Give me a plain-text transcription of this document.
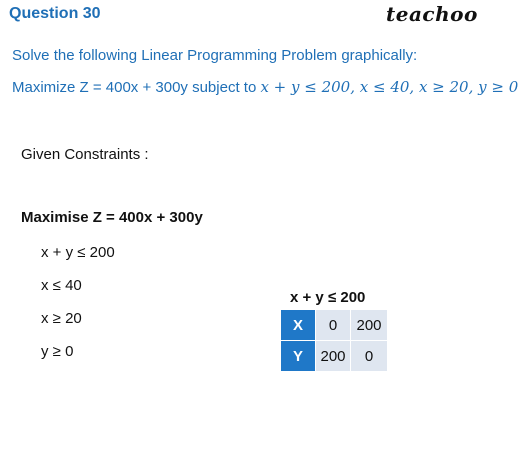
Question 30	teachoo
Solve the following Linear Programming Problem graphically:
Maximize Z = 400x + 300y subject to x + y ≤ 200, x ≤ 40, x ≥ 20, y ≥ 0
Given Constraints :
Maximise Z = 400x + 300y
x + y ≤ 200
x ≤ 40
x ≥ 20
y ≥ 0
x + y ≤ 200
X	0	200
Y	200	0
